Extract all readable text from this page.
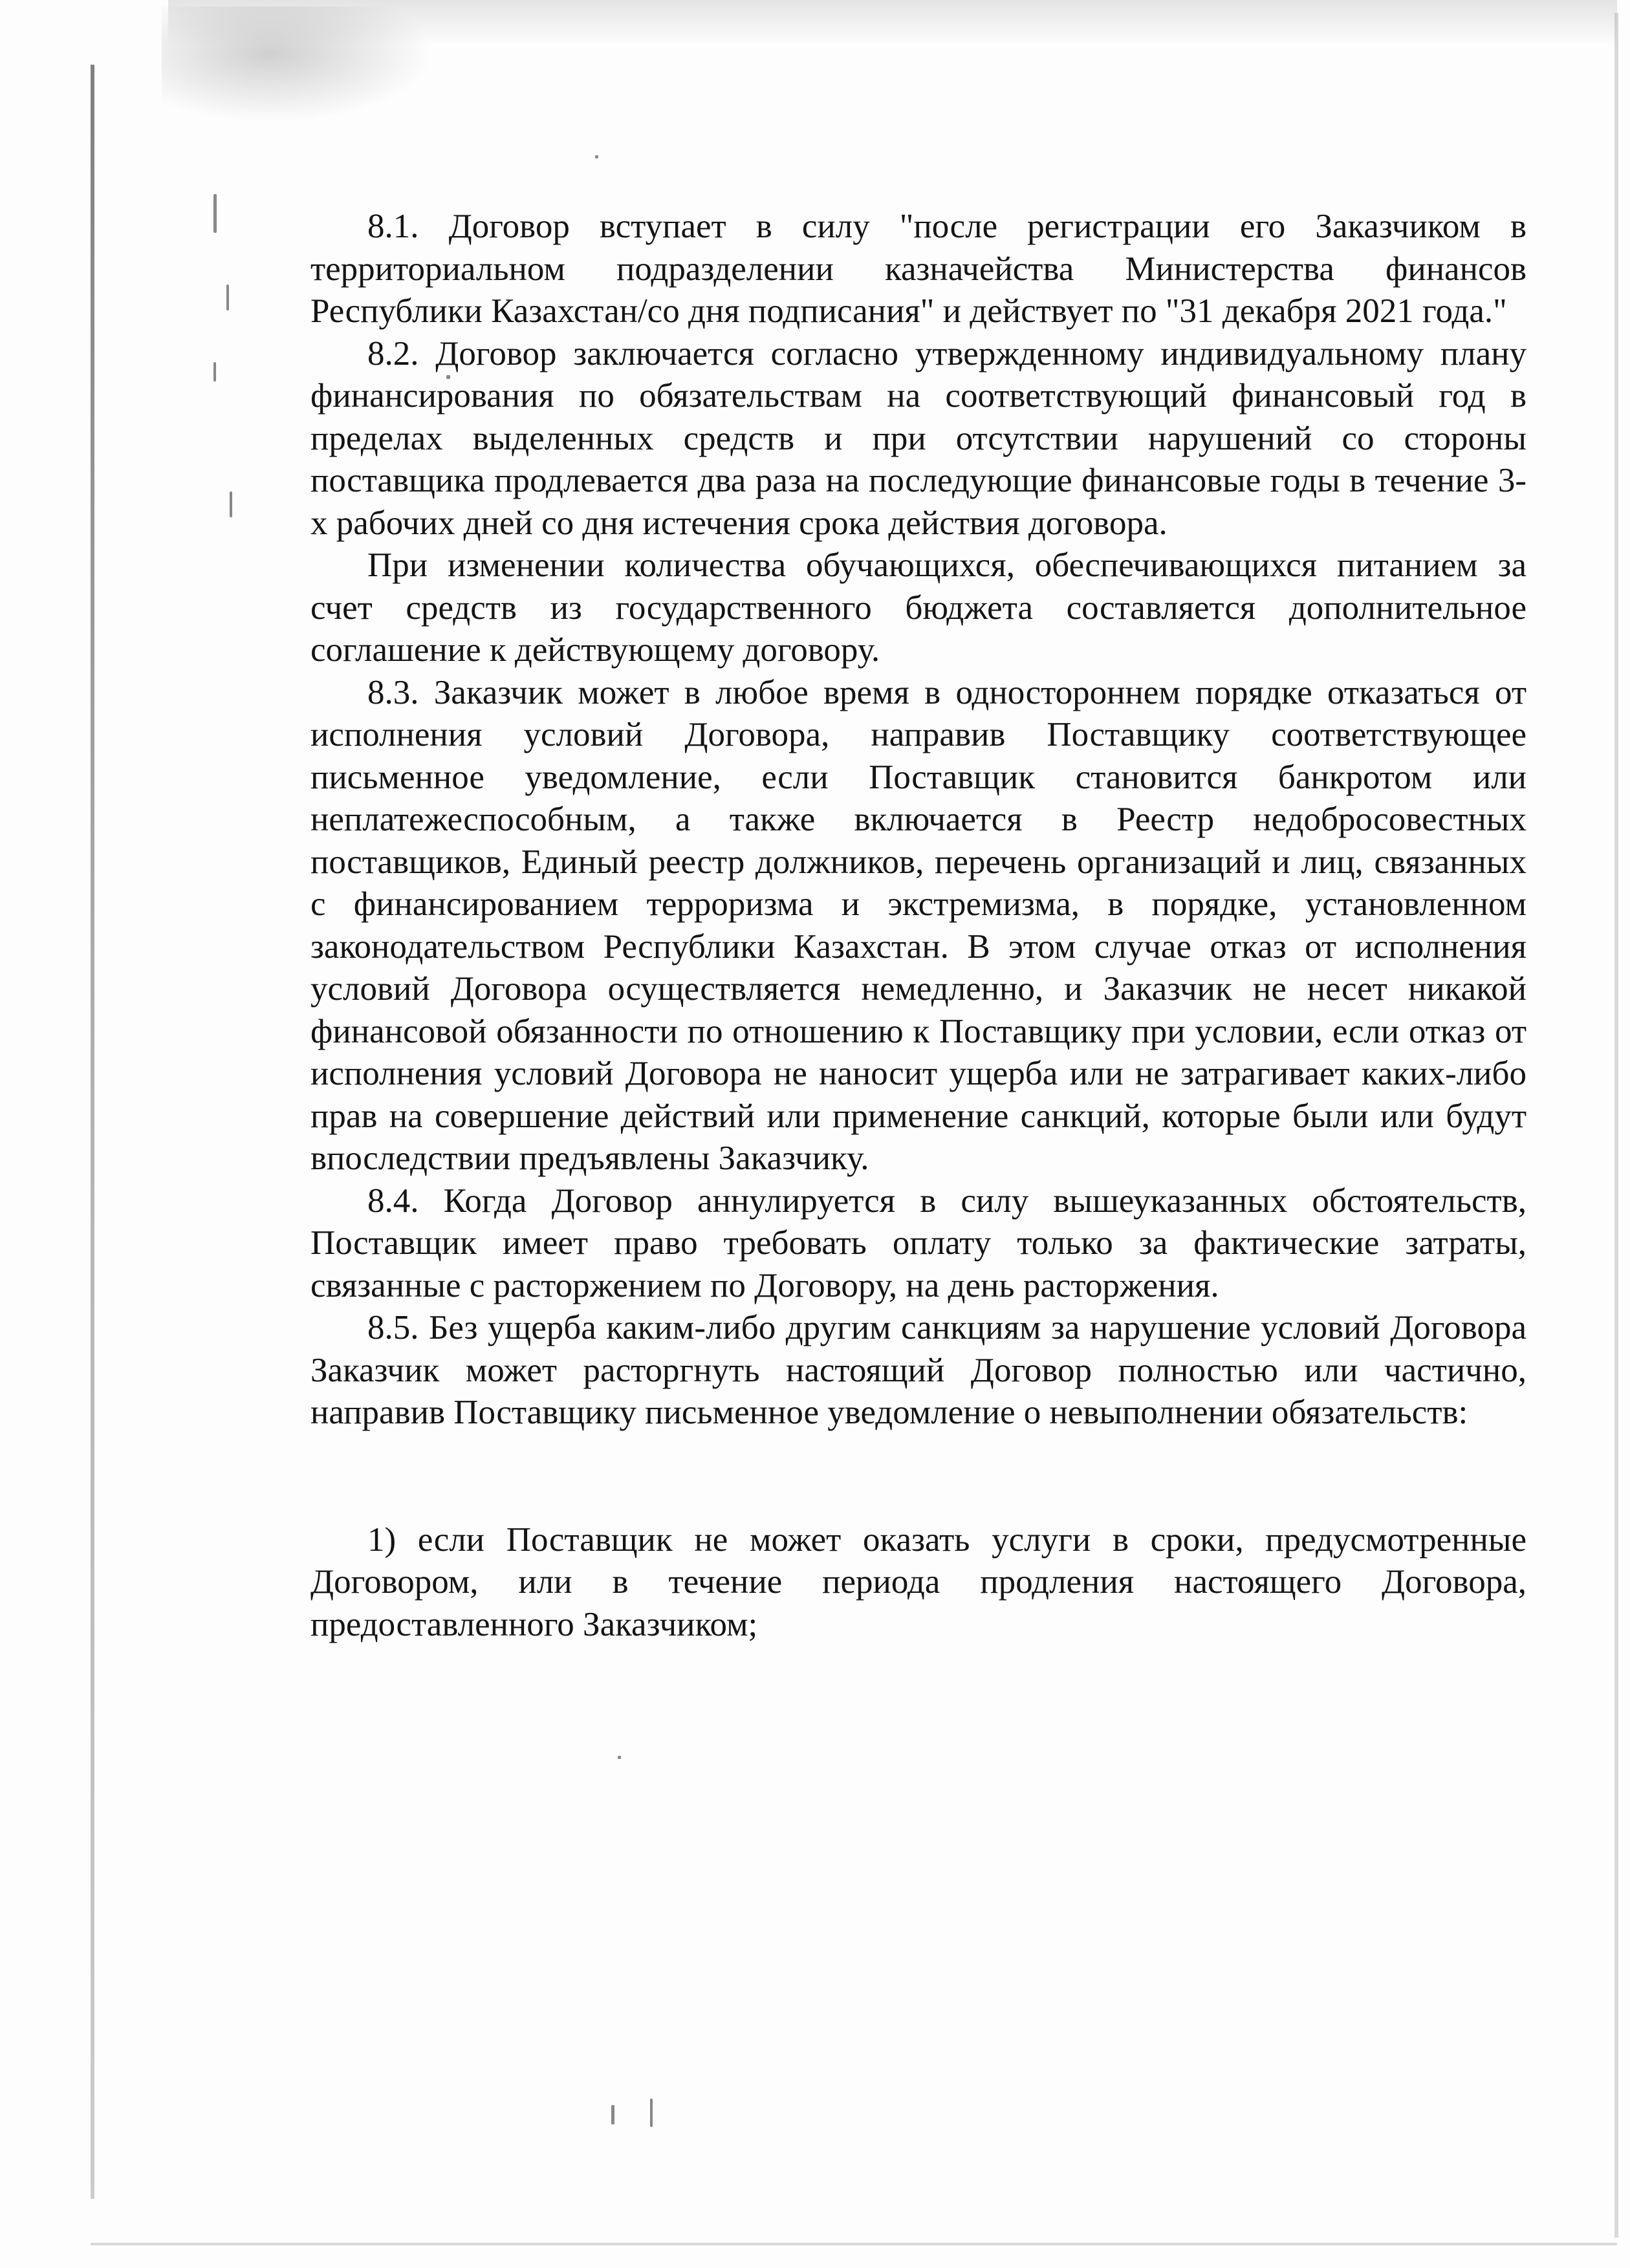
8.1. Договор вступает в силу "после регистрации его Заказчиком в территориальном подразделении казначейства Министерства финансов Республики Казахстан/со дня подписания" и действует по "31 декабря 2021 года."

8.2. Договор заключается согласно утвержденному индивидуальному плану финансирования по обязательствам на соответствующий финансовый год в пределах выделенных средств и при отсутствии нарушений со стороны поставщика продлевается два раза на последующие финансовые годы в течение 3-х рабочих дней со дня истечения срока действия договора.

При изменении количества обучающихся, обеспечивающихся питанием за счет средств из государственного бюджета составляется дополнительное соглашение к действующему договору.

8.3. Заказчик может в любое время в одностороннем порядке отказаться от исполнения условий Договора, направив Поставщику соответствующее письменное уведомление, если Поставщик становится банкротом или неплатежеспособным, а также включается в Реестр недобросовестных поставщиков, Единый реестр должников, перечень организаций и лиц, связанных с финансированием терроризма и экстремизма, в порядке, установленном законодательством Республики Казахстан. В этом случае отказ от исполнения условий Договора осуществляется немедленно, и Заказчик не несет никакой финансовой обязанности по отношению к Поставщику при условии, если отказ от исполнения условий Договора не наносит ущерба или не затрагивает каких-либо прав на совершение действий или применение санкций, которые были или будут впоследствии предъявлены Заказчику.

8.4. Когда Договор аннулируется в силу вышеуказанных обстоятельств, Поставщик имеет право требовать оплату только за фактические затраты, связанные с расторжением по Договору, на день расторжения.

8.5. Без ущерба каким-либо другим санкциям за нарушение условий Договора Заказчик может расторгнуть настоящий Договор полностью или частично, направив Поставщику письменное уведомление о невыполнении обязательств:

1) если Поставщик не может оказать услуги в сроки, предусмотренные Договором, или в течение периода продления настоящего Договора, предоставленного Заказчиком;
